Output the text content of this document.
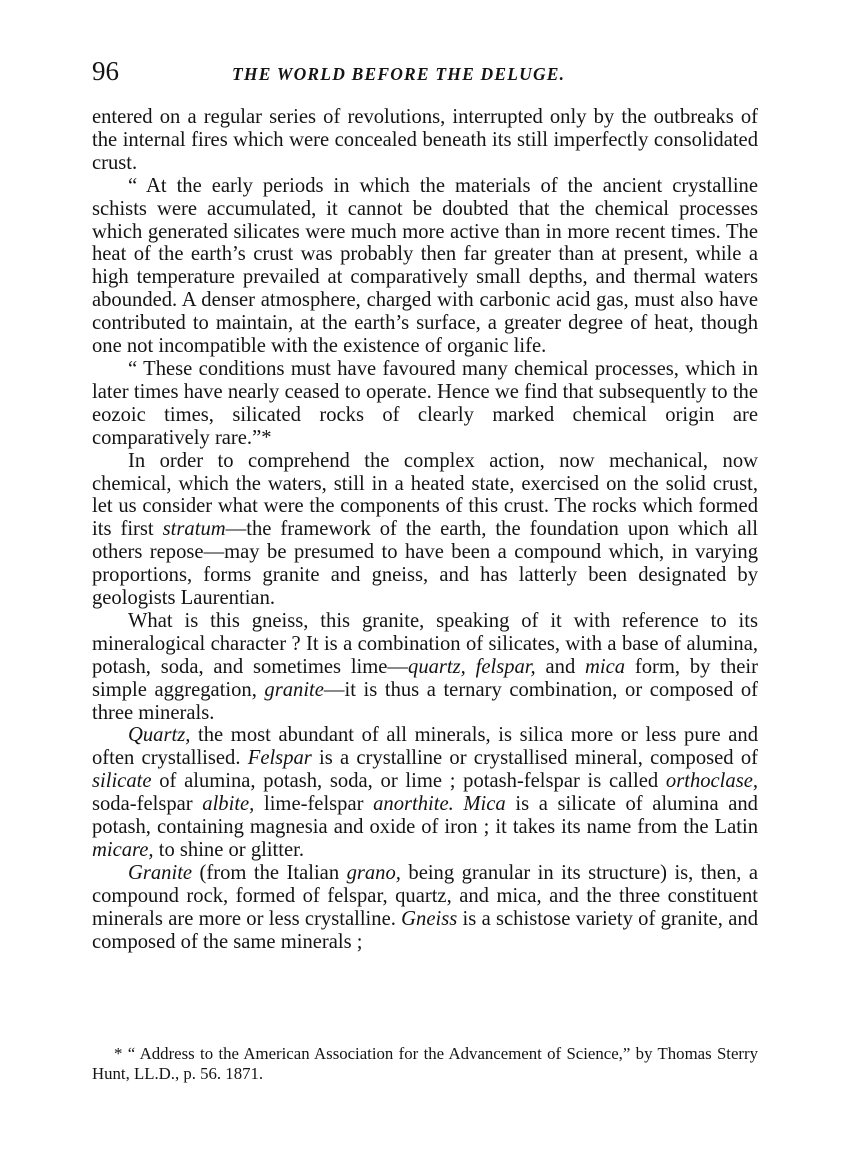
96	THE WORLD BEFORE THE DELUGE.

entered on a regular series of revolutions, interrupted only by the outbreaks of the internal fires which were concealed beneath its still imperfectly consolidated crust.

“ At the early periods in which the materials of the ancient crystalline schists were accumulated, it cannot be doubted that the chemical processes which generated silicates were much more active than in more recent times. The heat of the earth’s crust was probably then far greater than at present, while a high temperature prevailed at comparatively small depths, and thermal waters abounded. A denser atmosphere, charged with carbonic acid gas, must also have contributed to maintain, at the earth’s surface, a greater degree of heat, though one not incompatible with the existence of organic life.

“ These conditions must have favoured many chemical processes, which in later times have nearly ceased to operate. Hence we find that subsequently to the eozoic times, silicated rocks of clearly marked chemical origin are comparatively rare.”*

In order to comprehend the complex action, now mechanical, now chemical, which the waters, still in a heated state, exercised on the solid crust, let us consider what were the components of this crust. The rocks which formed its first stratum—the framework of the earth, the foundation upon which all others repose—may be presumed to have been a compound which, in varying proportions, forms granite and gneiss, and has latterly been designated by geologists Laurentian.

What is this gneiss, this granite, speaking of it with reference to its mineralogical character ? It is a combination of silicates, with a base of alumina, potash, soda, and sometimes lime—quartz, felspar, and mica form, by their simple aggregation, granite—it is thus a ternary combination, or composed of three minerals.

Quartz, the most abundant of all minerals, is silica more or less pure and often crystallised. Felspar is a crystalline or crystallised mineral, composed of silicate of alumina, potash, soda, or lime ; potash-felspar is called orthoclase, soda-felspar albite, lime-felspar anorthite. Mica is a silicate of alumina and potash, containing magnesia and oxide of iron ; it takes its name from the Latin micare, to shine or glitter.

Granite (from the Italian grano, being granular in its structure) is, then, a compound rock, formed of felspar, quartz, and mica, and the three constituent minerals are more or less crystalline. Gneiss is a schistose variety of granite, and composed of the same minerals ;

* “ Address to the American Association for the Advancement of Science,” by Thomas Sterry Hunt, LL.D., p. 56. 1871.
